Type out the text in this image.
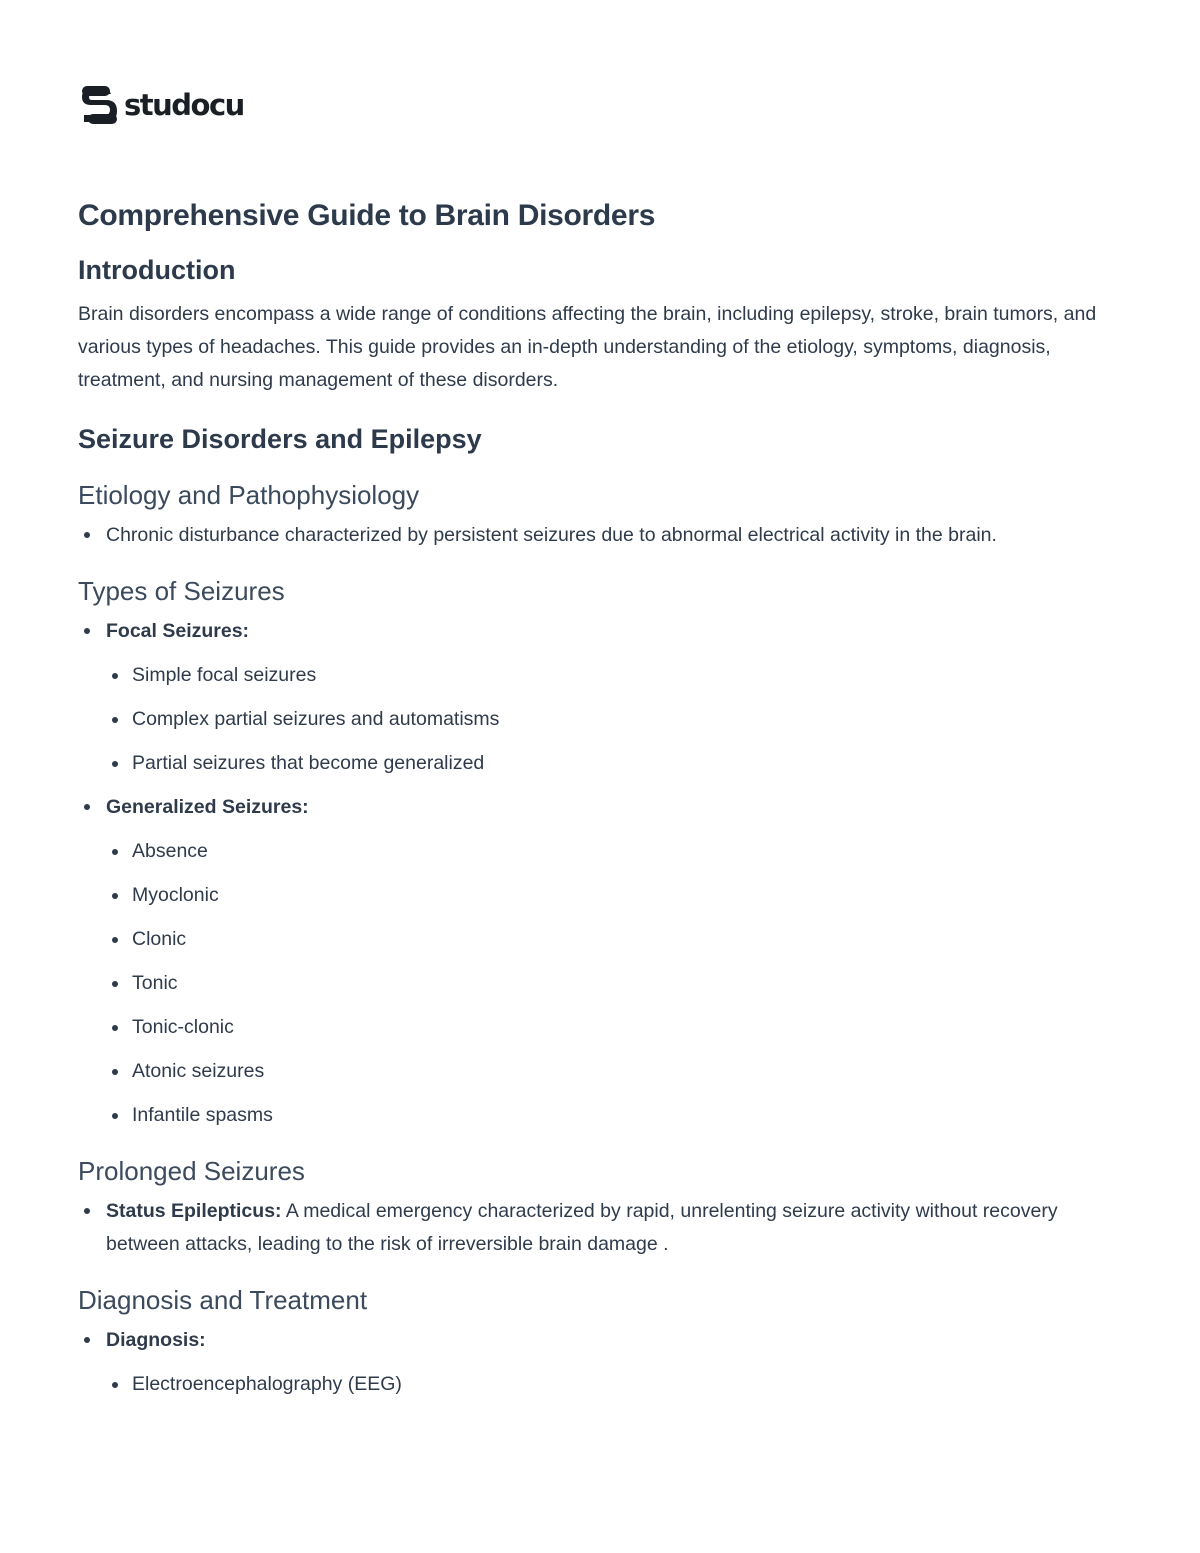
studocu
Comprehensive Guide to Brain Disorders
Introduction

Brain disorders encompass a wide range of conditions affecting the brain, including epilepsy, stroke, brain tumors, and various types of headaches. This guide provides an in-depth understanding of the etiology, symptoms, diagnosis, treatment, and nursing management of these disorders.

Seizure Disorders and Epilepsy
Etiology and Pathophysiology
Chronic disturbance characterized by persistent seizures due to abnormal electrical activity in the brain.
Types of Seizures
Focal Seizures:
Simple focal seizures
Complex partial seizures and automatisms
Partial seizures that become generalized
Generalized Seizures:
Absence
Myoclonic
Clonic
Tonic
Tonic-clonic
Atonic seizures
Infantile spasms
Prolonged Seizures
Status Epilepticus: A medical emergency characterized by rapid, unrelenting seizure activity without recovery between attacks, leading to the risk of irreversible brain damage .
Diagnosis and Treatment
Diagnosis:
Electroencephalography (EEG)
